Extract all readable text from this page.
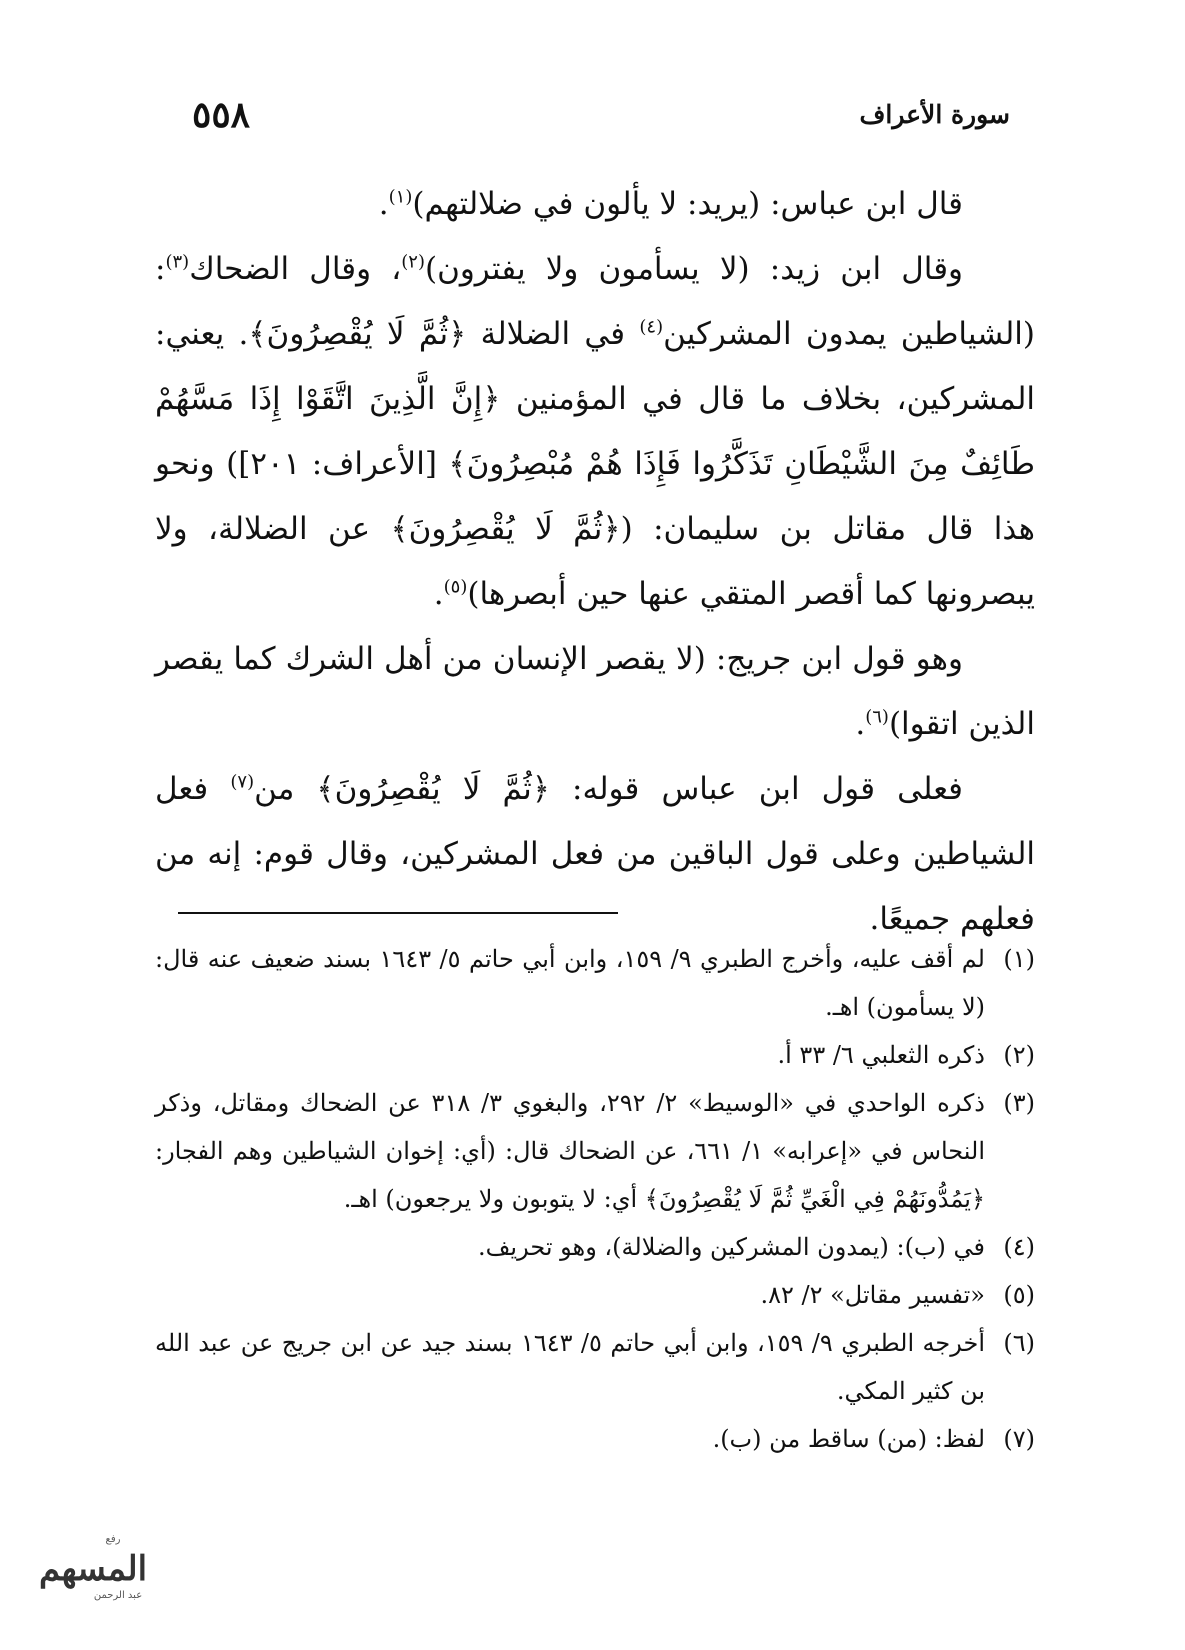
سورة الأعراف
٥٥٨

قال ابن عباس: (يريد: لا يألون في ضلالتهم)$^{(١)}$.

وقال ابن زيد: (لا يسأمون ولا يفترون)$^{(٢)}$، وقال الضحاك$^{(٣)}$: (الشياطين يمدون المشركين$^{(٤)}$ في الضلالة ﴿ثُمَّ لَا يُقْصِرُونَ﴾. يعني: المشركين، بخلاف ما قال في المؤمنين ﴿إِنَّ الَّذِينَ اتَّقَوْا إِذَا مَسَّهُمْ طَائِفٌ مِنَ الشَّيْطَانِ تَذَكَّرُوا فَإِذَا هُمْ مُبْصِرُونَ﴾ [الأعراف: ٢٠١]) ونحو هذا قال مقاتل بن سليمان: (﴿ثُمَّ لَا يُقْصِرُونَ﴾ عن الضلالة، ولا يبصرونها كما أقصر المتقي عنها حين أبصرها)$^{(٥)}$.

وهو قول ابن جريج: (لا يقصر الإنسان من أهل الشرك كما يقصر الذين اتقوا)$^{(٦)}$.

فعلى قول ابن عباس قوله: ﴿ثُمَّ لَا يُقْصِرُونَ﴾ من$^{(٧)}$ فعل الشياطين وعلى قول الباقين من فعل المشركين، وقال قوم: إنه من فعلهم جميعًا.

(١)
لم أقف عليه، وأخرج الطبري ٩/ ١٥٩، وابن أبي حاتم ٥/ ١٦٤٣ بسند ضعيف عنه قال: (لا يسأمون) اهـ.
(٢)
ذكره الثعلبي ٦/ ٣٣ أ.
(٣)
ذكره الواحدي في «الوسيط» ٢/ ٢٩٢، والبغوي ٣/ ٣١٨ عن الضحاك ومقاتل، وذكر النحاس في «إعرابه» ١/ ٦٦١، عن الضحاك قال: (أي: إخوان الشياطين وهم الفجار: ﴿يَمُدُّونَهُمْ فِي الْغَيِّ ثُمَّ لَا يُقْصِرُونَ﴾ أي: لا يتوبون ولا يرجعون) اهـ.
(٤)
في (ب): (يمدون المشركين والضلالة)، وهو تحريف.
(٥)
«تفسير مقاتل» ٢/ ٨٢.
(٦)
أخرجه الطبري ٩/ ١٥٩، وابن أبي حاتم ٥/ ١٦٤٣ بسند جيد عن ابن جريج عن عبد الله بن كثير المكي.
(٧)
لفظ: (من) ساقط من (ب).
رفع
المسهم
عبد الرحمن
